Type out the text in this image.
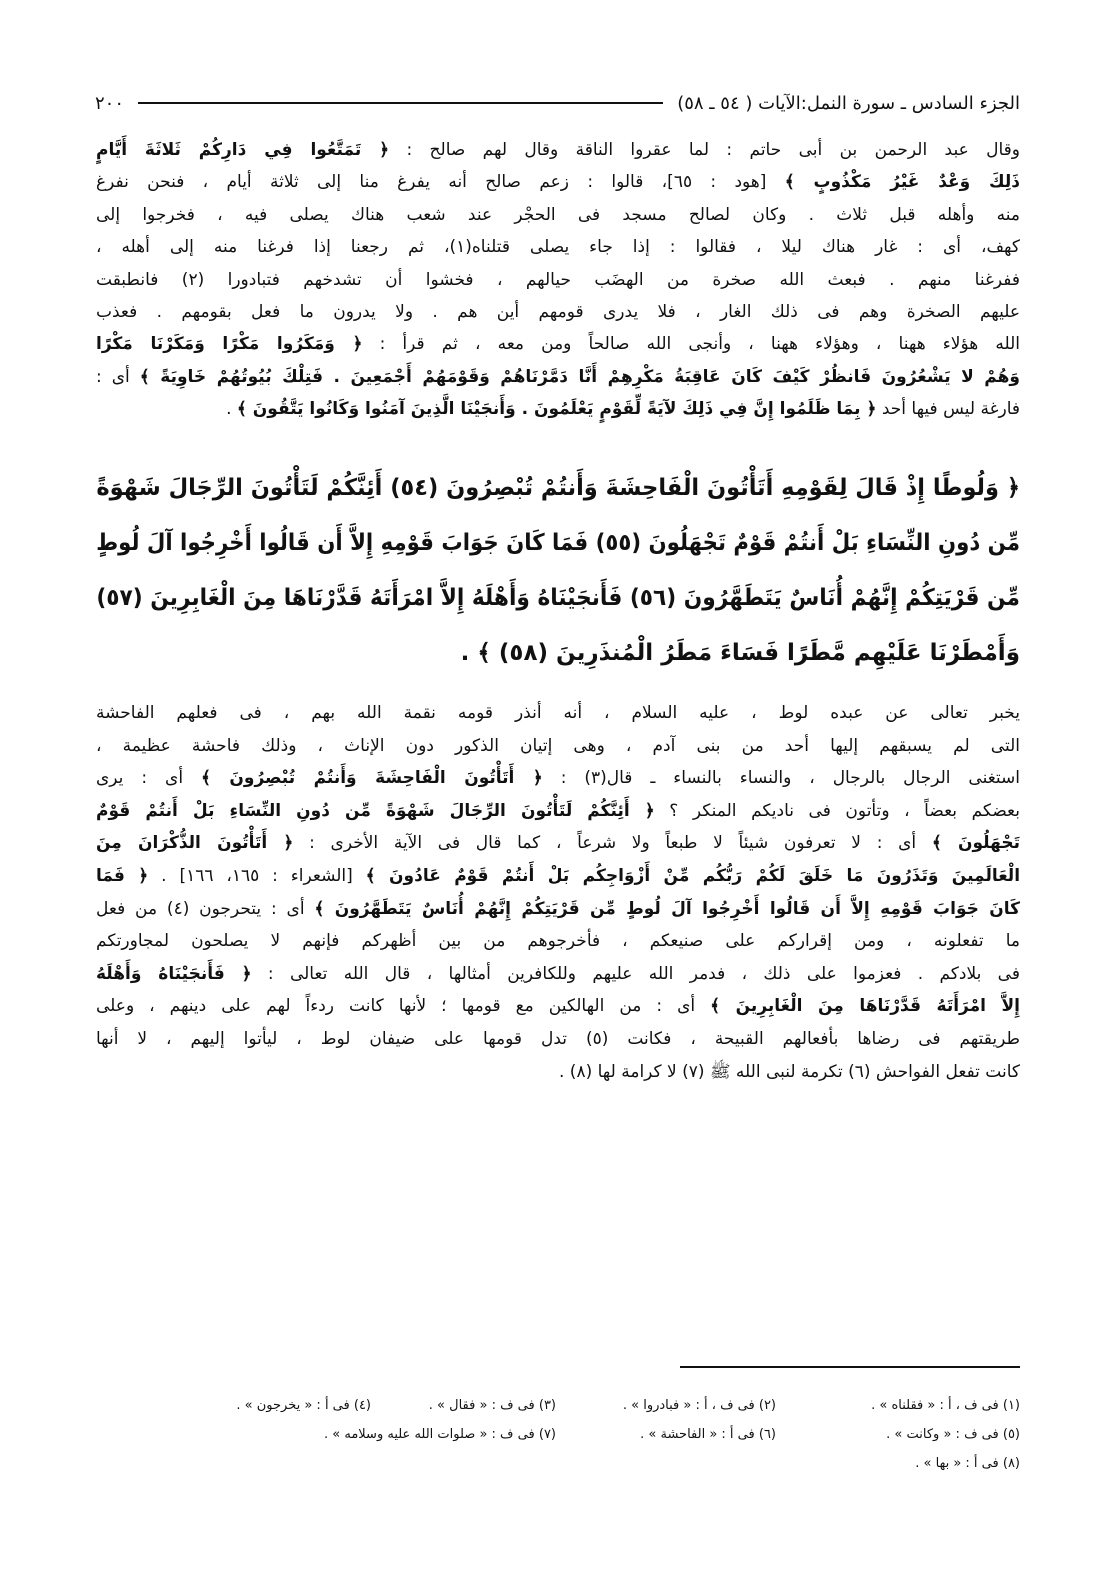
الجزء السادس ـ سورة النمل:الآيات ( ٥٤ ـ ٥٨)
٢٠٠
وقال عبد الرحمن بن أبى حاتم : لما عقروا الناقة وقال لهم صالح : ﴿ تَمَتَّعُوا فِي دَارِكُمْ ثَلاثَةَ أَيَّامٍ
ذَلِكَ وَعْدٌ غَيْرُ مَكْذُوبٍ ﴾ [هود : ٦٥]، قالوا : زعم صالح أنه يفرغ منا إلى ثلاثة أيام ، فنحن نفرغ
منه وأهله قبل ثلاث . وكان لصالح مسجد فى الحجْر عند شعب هناك يصلى فيه ، فخرجوا إلى
كهف، أى : غار هناك ليلا ، فقالوا : إذا جاء يصلى قتلناه(١)، ثم رجعنا إذا فرغنا منه إلى أهله ،
ففرغنا منهم . فبعث الله صخرة من الهضَب حيالهم ، فخشوا أن تشدخهم فتبادورا (٢) فانطبقت
عليهم الصخرة وهم فى ذلك الغار ، فلا يدرى قومهم أين هم . ولا يدرون ما فعل بقومهم . فعذب
الله هؤلاء ههنا ، وهؤلاء ههنا ، وأنجى الله صالحاً ومن معه ، ثم قرأ : ﴿ وَمَكَرُوا مَكْرًا وَمَكَرْنَا مَكْرًا
وَهُمْ لا يَشْعُرُونَ فَانظُرْ كَيْفَ كَانَ عَاقِبَةُ مَكْرِهِمْ أَنَّا دَمَّرْنَاهُمْ وَقَوْمَهُمْ أَجْمَعِينَ . فَتِلْكَ بُيُوتُهُمْ خَاوِيَةً ﴾ أى :
فارغة ليس فيها أحد ﴿ بِمَا ظَلَمُوا إِنَّ فِي ذَلِكَ لآيَةً لِّقَوْمٍ يَعْلَمُونَ . وَأَنجَيْنَا الَّذِينَ آمَنُوا وَكَانُوا يَتَّقُونَ ﴾ .
﴿ وَلُوطًا إِذْ قَالَ لِقَوْمِهِ أَتَأْتُونَ الْفَاحِشَةَ وَأَنتُمْ تُبْصِرُونَ (٥٤) أَئِنَّكُمْ لَتَأْتُونَ الرِّجَالَ شَهْوَةً
مِّن دُونِ النِّسَاءِ بَلْ أَنتُمْ قَوْمٌ تَجْهَلُونَ (٥٥) فَمَا كَانَ جَوَابَ قَوْمِهِ إِلاَّ أَن قَالُوا أَخْرِجُوا آلَ لُوطٍ
مِّن قَرْيَتِكُمْ إِنَّهُمْ أُنَاسٌ يَتَطَهَّرُونَ (٥٦) فَأَنجَيْنَاهُ وَأَهْلَهُ إِلاَّ امْرَأَتَهُ قَدَّرْنَاهَا مِنَ الْغَابِرِينَ (٥٧)
وَأَمْطَرْنَا عَلَيْهِم مَّطَرًا فَسَاءَ مَطَرُ الْمُنذَرِينَ (٥٨) ﴾ .
يخبر تعالى عن عبده لوط ، عليه السلام ، أنه أنذر قومه نقمة الله بهم ، فى فعلهم الفاحشة
التى لم يسبقهم إليها أحد من بنى آدم ، وهى إتيان الذكور دون الإناث ، وذلك فاحشة عظيمة ،
استغنى الرجال بالرجال ، والنساء بالنساء ـ قال(٣) : ﴿ أَتَأْتُونَ الْفَاحِشَةَ وَأَنتُمْ تُبْصِرُونَ ﴾ أى : يرى
بعضكم بعضاً ، وتأتون فى ناديكم المنكر ؟ ﴿ أَئِنَّكُمْ لَتَأْتُونَ الرِّجَالَ شَهْوَةً مِّن دُونِ النِّسَاءِ بَلْ أَنتُمْ قَوْمٌ
تَجْهَلُونَ ﴾ أى : لا تعرفون شيئاً لا طبعاً ولا شرعاً ، كما قال فى الآية الأخرى : ﴿ أَتَأْتُونَ الذُّكْرَانَ مِنَ
الْعَالَمِينَ وَتَذَرُونَ مَا خَلَقَ لَكُمْ رَبُّكُم مِّنْ أَزْوَاجِكُم بَلْ أَنتُمْ قَوْمٌ عَادُونَ ﴾ [الشعراء : ١٦٥، ١٦٦] . ﴿ فَمَا
كَانَ جَوَابَ قَوْمِهِ إِلاَّ أَن قَالُوا أَخْرِجُوا آلَ لُوطٍ مِّن قَرْيَتِكُمْ إِنَّهُمْ أُنَاسٌ يَتَطَهَّرُونَ ﴾ أى : يتحرجون (٤) من فعل
ما تفعلونه ، ومن إقراركم على صنيعكم ، فأخرجوهم من بين أظهركم فإنهم لا يصلحون لمجاورتكم
فى بلادكم . فعزموا على ذلك ، فدمر الله عليهم وللكافرين أمثالها ، قال الله تعالى : ﴿ فَأَنجَيْنَاهُ وَأَهْلَهُ
إِلاَّ امْرَأَتَهُ قَدَّرْنَاهَا مِنَ الْغَابِرِينَ ﴾ أى : من الهالكين مع قومها ؛ لأنها كانت ردءاً لهم على دينهم ، وعلى
طريقتهم فى رضاها بأفعالهم القبيحة ، فكانت (٥) تدل قومها على ضيفان لوط ، ليأتوا إليهم ، لا أنها
كانت تفعل الفواحش (٦) تكرمة لنبى الله ﷺ (٧) لا كرامة لها (٨) .
(١) فى ف ، أ : « فقلناه » .
(٢) فى ف ، أ : « فبادروا » .
(٣) فى ف : « فقال » .
(٤) فى أ : « يخرجون » .
(٥) فى ف : « وكانت » .
(٦) فى أ : « الفاحشة » .
(٧) فى ف : « صلوات الله عليه وسلامه » .
(٨) فى أ : « بها » .
